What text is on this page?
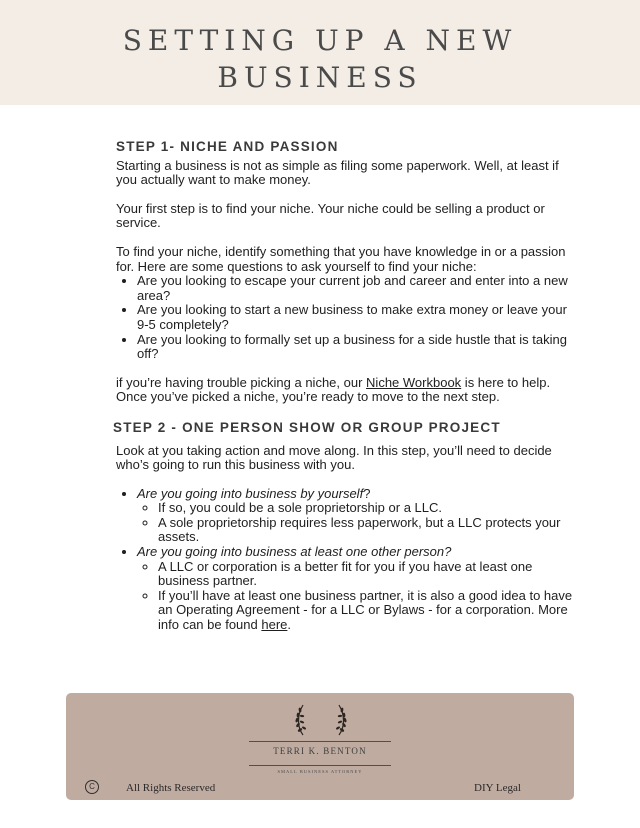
SETTING UP A NEW
BUSINESS
STEP 1- NICHE AND PASSION

Starting a business is not as simple as filing some paperwork. Well, at least if you actually want to make money.

Your first step is to find your niche. Your niche could be selling a product or service.

To find your niche, identify something that you have knowledge in or a passion for. Here are some questions to ask yourself to find your niche:

• Are you looking to escape your current job and career and enter into a new area?
• Are you looking to start a new business to make extra money or leave your 9-5 completely?
• Are you looking to formally set up a business for a side hustle that is taking off?

if you’re having trouble picking a niche, our Niche Workbook is here to help. Once you’ve picked a niche, you’re ready to move to the next step.

STEP 2 - ONE PERSON SHOW OR GROUP PROJECT

Look at you taking action and move along. In this step, you’ll need to decide who’s going to run this business with you.

• Are you going into business by yourself?
◦ If so, you could be a sole proprietorship or a LLC.
◦ A sole proprietorship requires less paperwork, but a LLC protects your assets.
• Are you going into business at least one other person?
◦ A LLC or corporation is a better fit for you if you have at least one business partner.
◦ If you’ll have at least one business partner, it is also a good idea to have an Operating Agreement - for a LLC or Bylaws - for a corporation. More info can be found here.
TERRI K. BENTON
SMALL BUSINESS ATTORNEY
C	All Rights Reserved	DIY Legal
